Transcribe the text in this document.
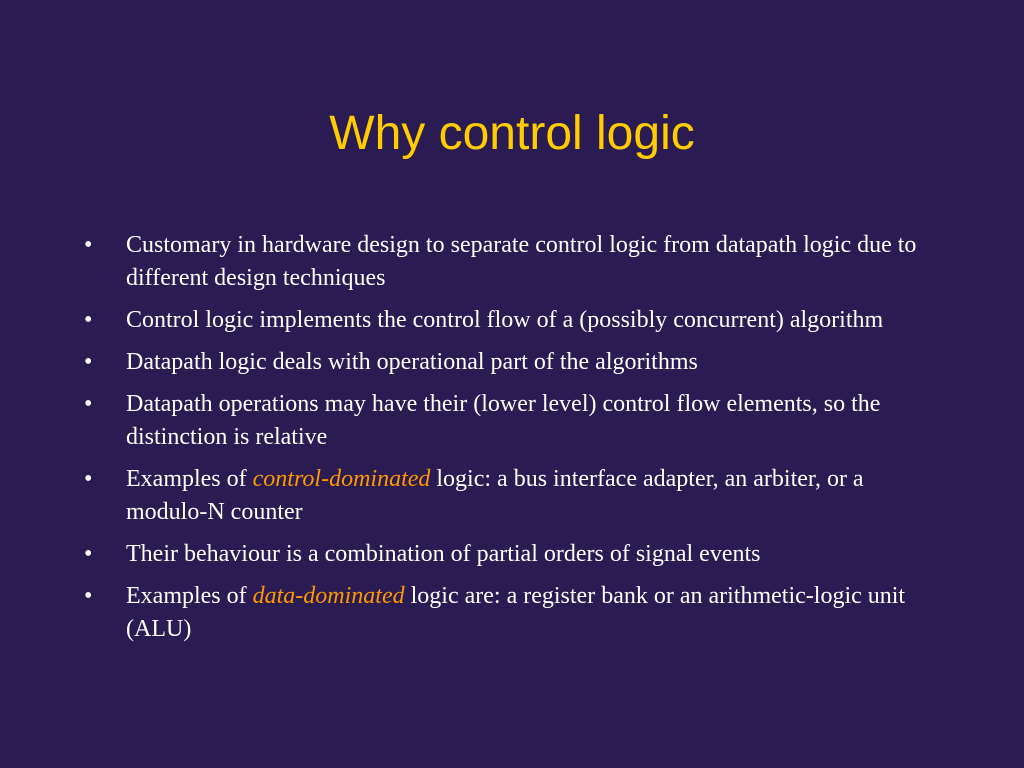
Why control logic
•	Customary in hardware design to separate control logic from datapath logic due to different design techniques
•	Control logic implements the control flow of a (possibly concurrent) algorithm
•	Datapath logic deals with operational part of the algorithms
•	Datapath operations may have their (lower level) control flow elements, so the distinction is relative
•	Examples of control-dominated logic: a bus interface adapter, an arbiter, or a modulo-N counter
•	Their behaviour is a combination of partial orders of signal events
•	Examples of data-dominated logic are: a register bank or an arithmetic-logic unit (ALU)
